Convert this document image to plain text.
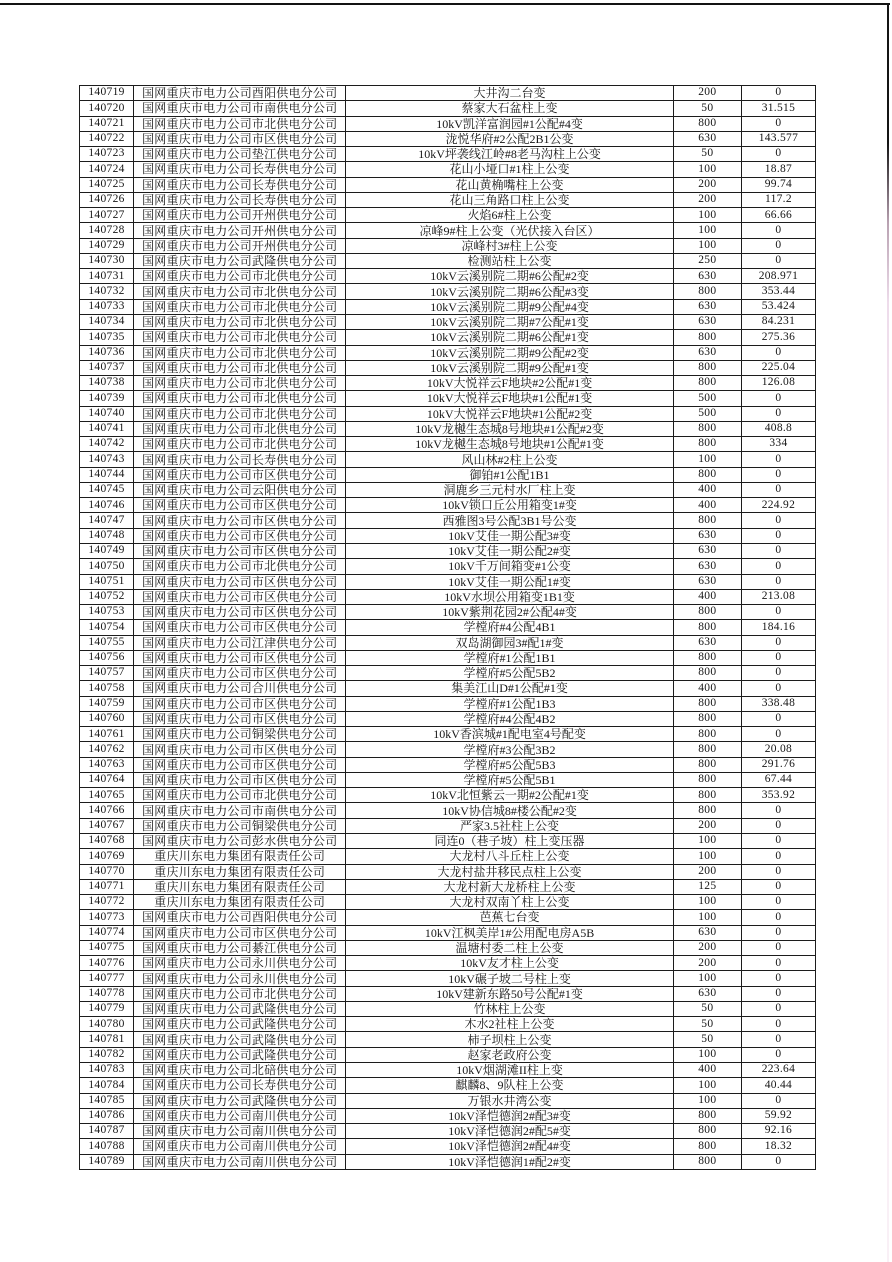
140719	国网重庆市电力公司酉阳供电分公司	大井沟二台变	200	0
140720	国网重庆市电力公司市南供电分公司	蔡家大石盆柱上变	50	31.515
140721	国网重庆市电力公司市北供电分公司	10kV凯洋富润园#1公配#4变	800	0
140722	国网重庆市电力公司市区供电分公司	泷悦华府#2公配2B1公变	630	143.577
140723	国网重庆市电力公司垫江供电分公司	10kV坪袭线江岭#8老马沟柱上公变	50	0
140724	国网重庆市电力公司长寿供电分公司	花山小垭口#1柱上公变	100	18.87
140725	国网重庆市电力公司长寿供电分公司	花山黄桷嘴柱上公变	200	99.74
140726	国网重庆市电力公司长寿供电分公司	花山三角路口柱上公变	200	117.2
140727	国网重庆市电力公司开州供电分公司	火焰6#柱上公变	100	66.66
140728	国网重庆市电力公司开州供电分公司	凉峰9#柱上公变（光伏接入台区）	100	0
140729	国网重庆市电力公司开州供电分公司	凉峰村3#柱上公变	100	0
140730	国网重庆市电力公司武隆供电分公司	检测站柱上公变	250	0
140731	国网重庆市电力公司市北供电分公司	10kV云溪别院二期#6公配#2变	630	208.971
140732	国网重庆市电力公司市北供电分公司	10kV云溪别院二期#6公配#3变	800	353.44
140733	国网重庆市电力公司市北供电分公司	10kV云溪别院二期#9公配#4变	630	53.424
140734	国网重庆市电力公司市北供电分公司	10kV云溪别院二期#7公配#1变	630	84.231
140735	国网重庆市电力公司市北供电分公司	10kV云溪别院二期#6公配#1变	800	275.36
140736	国网重庆市电力公司市北供电分公司	10kV云溪别院二期#9公配#2变	630	0
140737	国网重庆市电力公司市北供电分公司	10kV云溪别院二期#9公配#1变	800	225.04
140738	国网重庆市电力公司市北供电分公司	10kV大悦祥云F地块#2公配#1变	800	126.08
140739	国网重庆市电力公司市北供电分公司	10kV大悦祥云F地块#1公配#1变	500	0
140740	国网重庆市电力公司市北供电分公司	10kV大悦祥云F地块#1公配#2变	500	0
140741	国网重庆市电力公司市北供电分公司	10kV龙樾生态城8号地块#1公配#2变	800	408.8
140742	国网重庆市电力公司市北供电分公司	10kV龙樾生态城8号地块#1公配#1变	800	334
140743	国网重庆市电力公司长寿供电分公司	风山林#2柱上公变	100	0
140744	国网重庆市电力公司市区供电分公司	御铂#1公配1B1	800	0
140745	国网重庆市电力公司云阳供电分公司	洞鹿乡三元村水厂柱上变	400	0
140746	国网重庆市电力公司市区供电分公司	10kV锁口丘公用箱变1#变	400	224.92
140747	国网重庆市电力公司市区供电分公司	西雅图3号公配3B1号公变	800	0
140748	国网重庆市电力公司市区供电分公司	10kV艾佳一期公配3#变	630	0
140749	国网重庆市电力公司市区供电分公司	10kV艾佳一期公配2#变	630	0
140750	国网重庆市电力公司市北供电分公司	10kV千万间箱变#1公变	630	0
140751	国网重庆市电力公司市区供电分公司	10kV艾佳一期公配1#变	630	0
140752	国网重庆市电力公司市区供电分公司	10kV水坝公用箱变1B1变	400	213.08
140753	国网重庆市电力公司市区供电分公司	10kV紫荆花园2#公配4#变	800	0
140754	国网重庆市电力公司市区供电分公司	学樘府#4公配4B1	800	184.16
140755	国网重庆市电力公司江津供电分公司	双岛湖御园3#配1#变	630	0
140756	国网重庆市电力公司市区供电分公司	学樘府#1公配1B1	800	0
140757	国网重庆市电力公司市区供电分公司	学樘府#5公配5B2	800	0
140758	国网重庆市电力公司合川供电分公司	集美江山D#1公配#1变	400	0
140759	国网重庆市电力公司市区供电分公司	学樘府#1公配1B3	800	338.48
140760	国网重庆市电力公司市区供电分公司	学樘府#4公配4B2	800	0
140761	国网重庆市电力公司铜梁供电分公司	10kV香滨城#1配电室4号配变	800	0
140762	国网重庆市电力公司市区供电分公司	学樘府#3公配3B2	800	20.08
140763	国网重庆市电力公司市区供电分公司	学樘府#5公配5B3	800	291.76
140764	国网重庆市电力公司市区供电分公司	学樘府#5公配5B1	800	67.44
140765	国网重庆市电力公司市北供电分公司	10kV北恒紫云一期#2公配#1变	800	353.92
140766	国网重庆市电力公司市南供电分公司	10kV协信城8#楼公配#2变	800	0
140767	国网重庆市电力公司铜梁供电分公司	严家3.5社柱上公变	200	0
140768	国网重庆市电力公司彭水供电分公司	同连0（巷子坡）柱上变压器	100	0
140769	重庆川东电力集团有限责任公司	大龙村八斗丘柱上公变	100	0
140770	重庆川东电力集团有限责任公司	大龙村盐井移民点柱上公变	200	0
140771	重庆川东电力集团有限责任公司	大龙村新大龙桥柱上公变	125	0
140772	重庆川东电力集团有限责任公司	大龙村双南丫柱上公变	100	0
140773	国网重庆市电力公司酉阳供电分公司	芭蕉七台变	100	0
140774	国网重庆市电力公司市区供电分公司	10kV江枫美岸1#公用配电房A5B	630	0
140775	国网重庆市电力公司綦江供电分公司	温塘村委二柱上公变	200	0
140776	国网重庆市电力公司永川供电分公司	10kV友才柱上公变	200	0
140777	国网重庆市电力公司永川供电分公司	10kV碾子坡二号柱上变	100	0
140778	国网重庆市电力公司市北供电分公司	10kV建新东路50号公配#1变	630	0
140779	国网重庆市电力公司武隆供电分公司	竹林柱上公变	50	0
140780	国网重庆市电力公司武隆供电分公司	木水2社柱上公变	50	0
140781	国网重庆市电力公司武隆供电分公司	柿子坝柱上公变	50	0
140782	国网重庆市电力公司武隆供电分公司	赵家老政府公变	100	0
140783	国网重庆市电力公司北碚供电分公司	10kV烟湖滩II柱上变	400	223.64
140784	国网重庆市电力公司长寿供电分公司	麒麟8、9队柱上公变	100	40.44
140785	国网重庆市电力公司武隆供电分公司	万银水井湾公变	100	0
140786	国网重庆市电力公司南川供电分公司	10kV泽恺德润2#配3#变	800	59.92
140787	国网重庆市电力公司南川供电分公司	10kV泽恺德润2#配5#变	800	92.16
140788	国网重庆市电力公司南川供电分公司	10kV泽恺德润2#配4#变	800	18.32
140789	国网重庆市电力公司南川供电分公司	10kV泽恺德润1#配2#变	800	0
